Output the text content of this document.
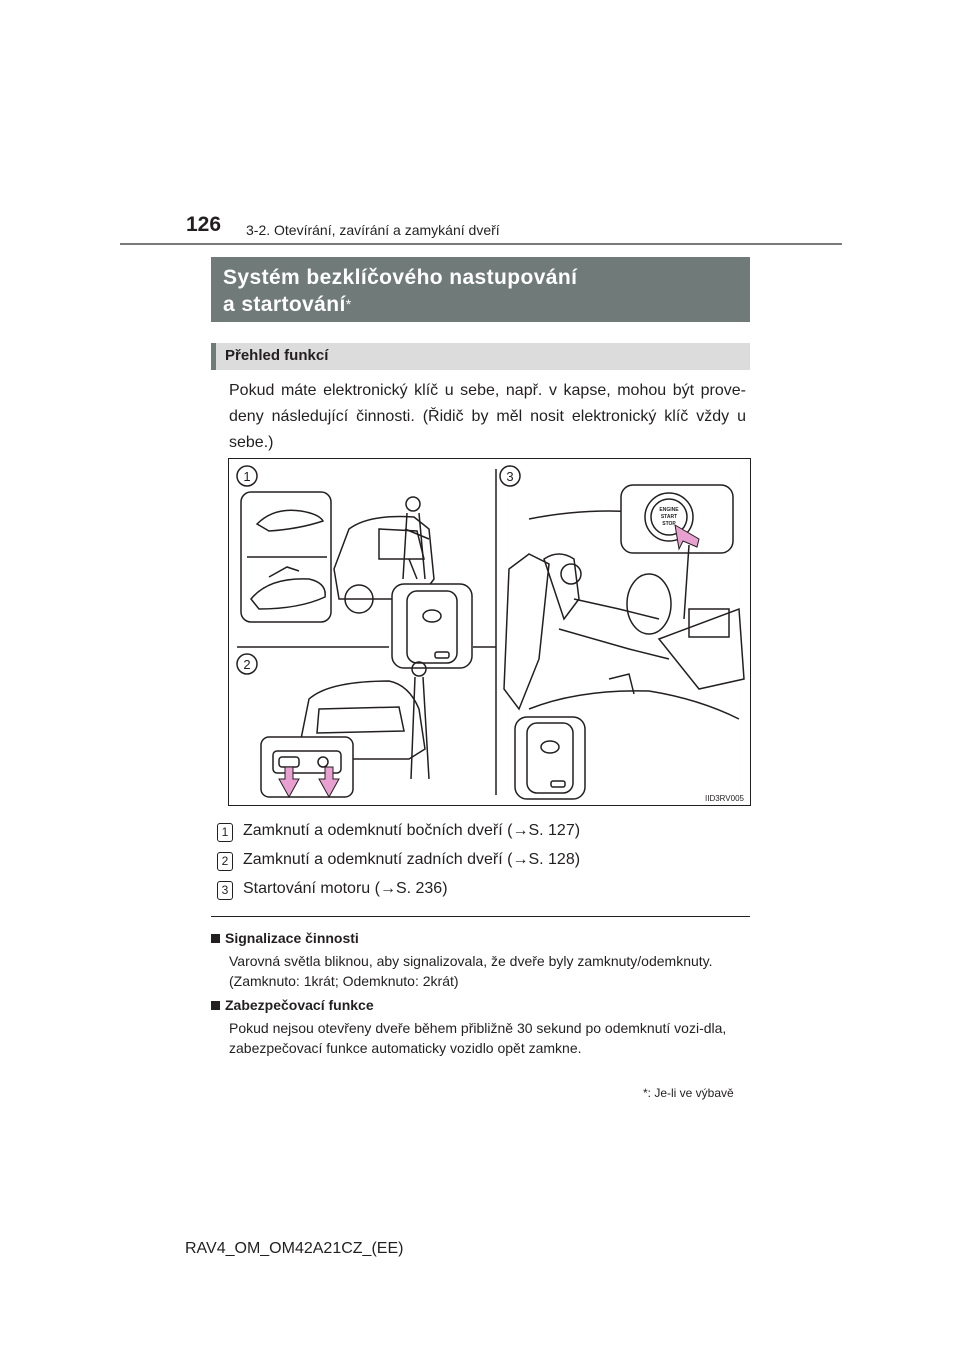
126 3-2. Otevírání, zavírání a zamykání dveří
Systém bezklíčového nastupování
a startování*
Přehled funkcí
Pokud máte elektronický klíč u sebe, např. v kapse, mohou být prove-deny následující činnosti. (Řidič by měl nosit elektronický klíč vždy u sebe.)
1
2
3
ENGINE
START
STOP
IID3RV005
1 Zamknutí a odemknutí bočních dveří (→S. 127)
2 Zamknutí a odemknutí zadních dveří (→S. 128)
3 Startování motoru (→S. 236)
Signalizace činnosti
Varovná světla bliknou, aby signalizovala, že dveře byly zamknuty/odemknuty. (Zamknuto: 1krát; Odemknuto: 2krát)
Zabezpečovací funkce
Pokud nejsou otevřeny dveře během přibližně 30 sekund po odemknutí vozi-dla, zabezpečovací funkce automaticky vozidlo opět zamkne.
*: Je-li ve výbavě
RAV4_OM_OM42A21CZ_(EE)
